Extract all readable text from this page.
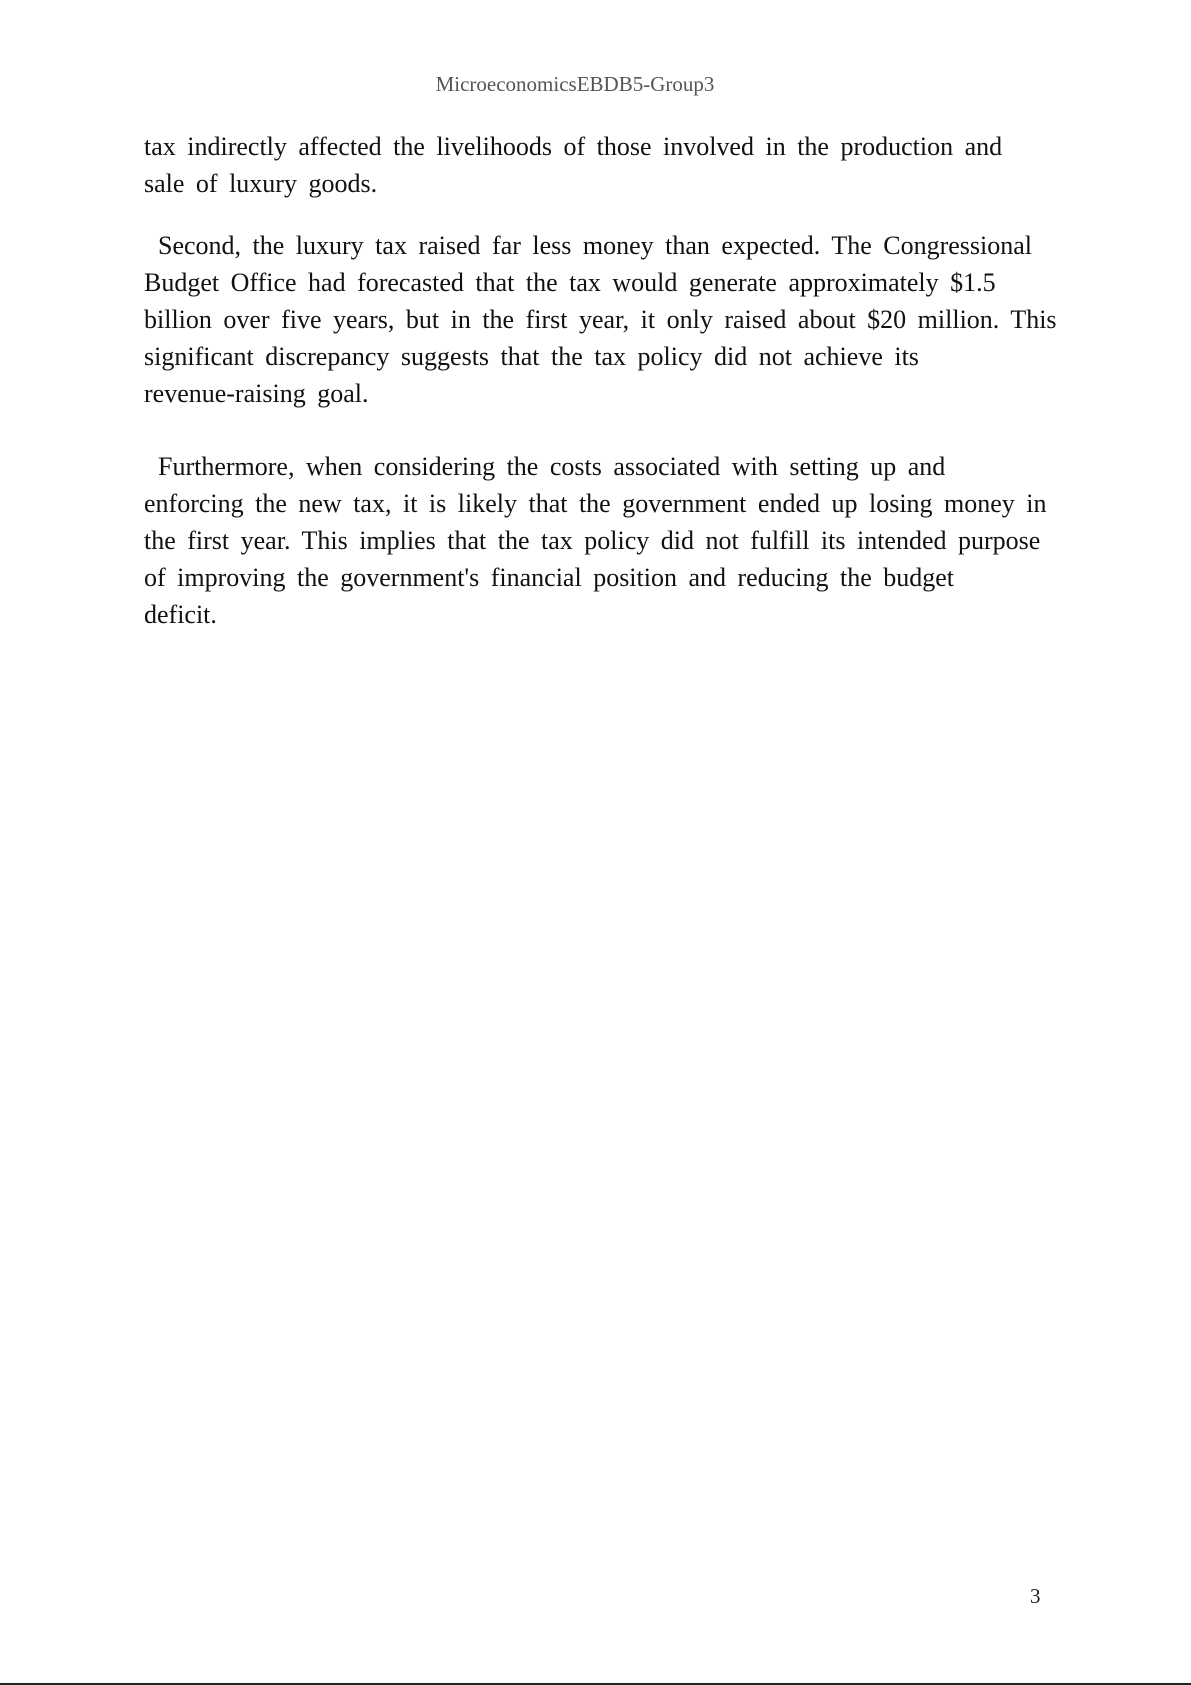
MicroeconomicsEBDB5-Group3
tax indirectly affected the livelihoods of those involved in the production and
sale of luxury goods.
Second, the luxury tax raised far less money than expected. The Congressional
Budget Office had forecasted that the tax would generate approximately $1.5
billion over five years, but in the first year, it only raised about $20 million. This
significant discrepancy suggests that the tax policy did not achieve its
revenue-raising goal.
Furthermore, when considering the costs associated with setting up and
enforcing the new tax, it is likely that the government ended up losing money in
the first year. This implies that the tax policy did not fulfill its intended purpose
of improving the government's financial position and reducing the budget
deficit.
3
